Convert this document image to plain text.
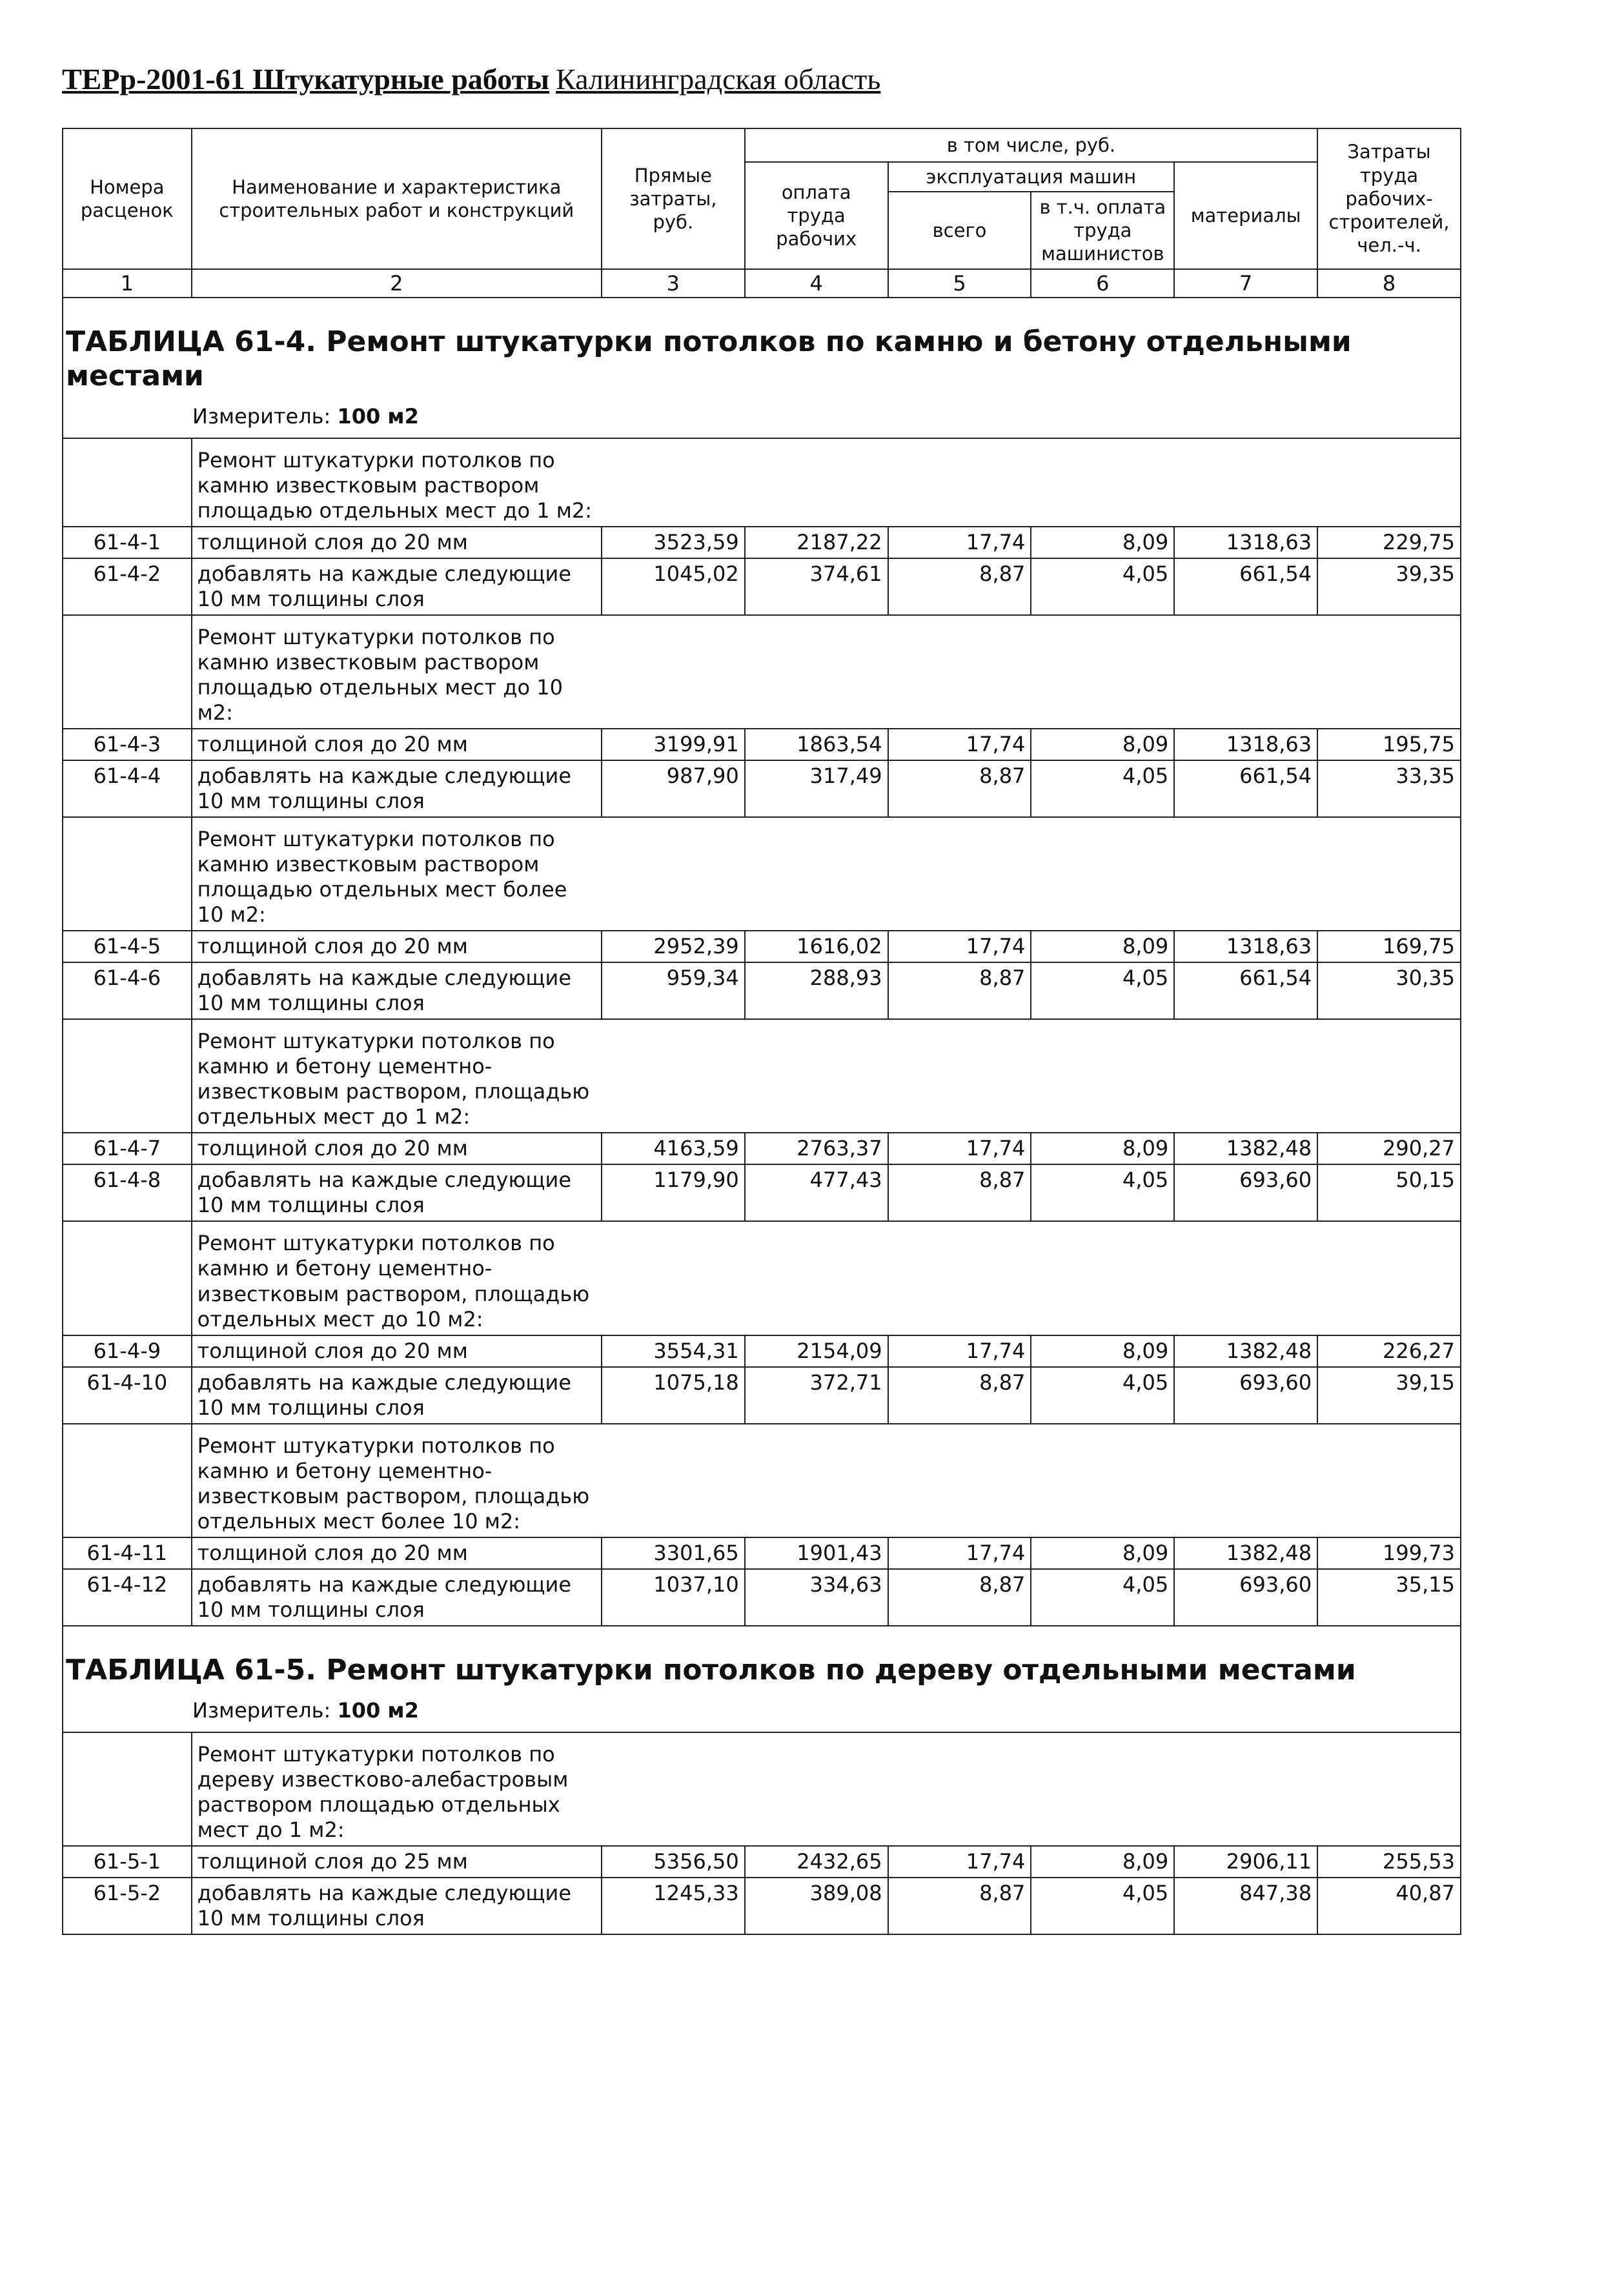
ТЕРр-2001-61 Штукатурные работы Калининградская область
Номера расценок	Наименование и характеристика строительных работ и конструкций	Прямые затраты, руб.	в том числе, руб.				Затраты труда рабочих-строителей,
чел.-ч.
			оплата труда рабочих	эксплуатация машин		материалы	
				всего	в т.ч. оплата труда машинистов		
1	2	3	4	5	6	7	8
ТАБЛИЦА 61-4. Ремонт штукатурки потолков по камню и бетону отдельными местами							
Измеритель: 100 м2							
	Ремонт штукатурки потолков по камню известковым раствором площадью отдельных мест до 1 м2:						
61-4-1	толщиной слоя до 20 мм	3523,59	2187,22	17,74	8,09	1318,63	229,75
61-4-2	добавлять на каждые следующие 10 мм толщины слоя	1045,02	374,61	8,87	4,05	661,54	39,35
	Ремонт штукатурки потолков по камню известковым раствором площадью отдельных мест до 10 м2:						
61-4-3	толщиной слоя до 20 мм	3199,91	1863,54	17,74	8,09	1318,63	195,75
61-4-4	добавлять на каждые следующие 10 мм толщины слоя	987,90	317,49	8,87	4,05	661,54	33,35
	Ремонт штукатурки потолков по камню известковым раствором площадью отдельных мест более 10 м2:						
61-4-5	толщиной слоя до 20 мм	2952,39	1616,02	17,74	8,09	1318,63	169,75
61-4-6	добавлять на каждые следующие 10 мм толщины слоя	959,34	288,93	8,87	4,05	661,54	30,35
	Ремонт штукатурки потолков по камню и бетону цементно-известковым раствором, площадью отдельных мест до 1 м2:						
61-4-7	толщиной слоя до 20 мм	4163,59	2763,37	17,74	8,09	1382,48	290,27
61-4-8	добавлять на каждые следующие 10 мм толщины слоя	1179,90	477,43	8,87	4,05	693,60	50,15
	Ремонт штукатурки потолков по камню и бетону цементно-известковым раствором, площадью отдельных мест до 10 м2:						
61-4-9	толщиной слоя до 20 мм	3554,31	2154,09	17,74	8,09	1382,48	226,27
61-4-10	добавлять на каждые следующие 10 мм толщины слоя	1075,18	372,71	8,87	4,05	693,60	39,15
	Ремонт штукатурки потолков по камню и бетону цементно-известковым раствором, площадью отдельных мест более 10 м2:						
61-4-11	толщиной слоя до 20 мм	3301,65	1901,43	17,74	8,09	1382,48	199,73
61-4-12	добавлять на каждые следующие 10 мм толщины слоя	1037,10	334,63	8,87	4,05	693,60	35,15
ТАБЛИЦА 61-5. Ремонт штукатурки потолков по дереву отдельными местами							
Измеритель: 100 м2							
	Ремонт штукатурки потолков по дереву известково-алебастровым раствором площадью отдельных мест до 1 м2:						
61-5-1	толщиной слоя до 25 мм	5356,50	2432,65	17,74	8,09	2906,11	255,53
61-5-2	добавлять на каждые следующие 10 мм толщины слоя	1245,33	389,08	8,87	4,05	847,38	40,87
